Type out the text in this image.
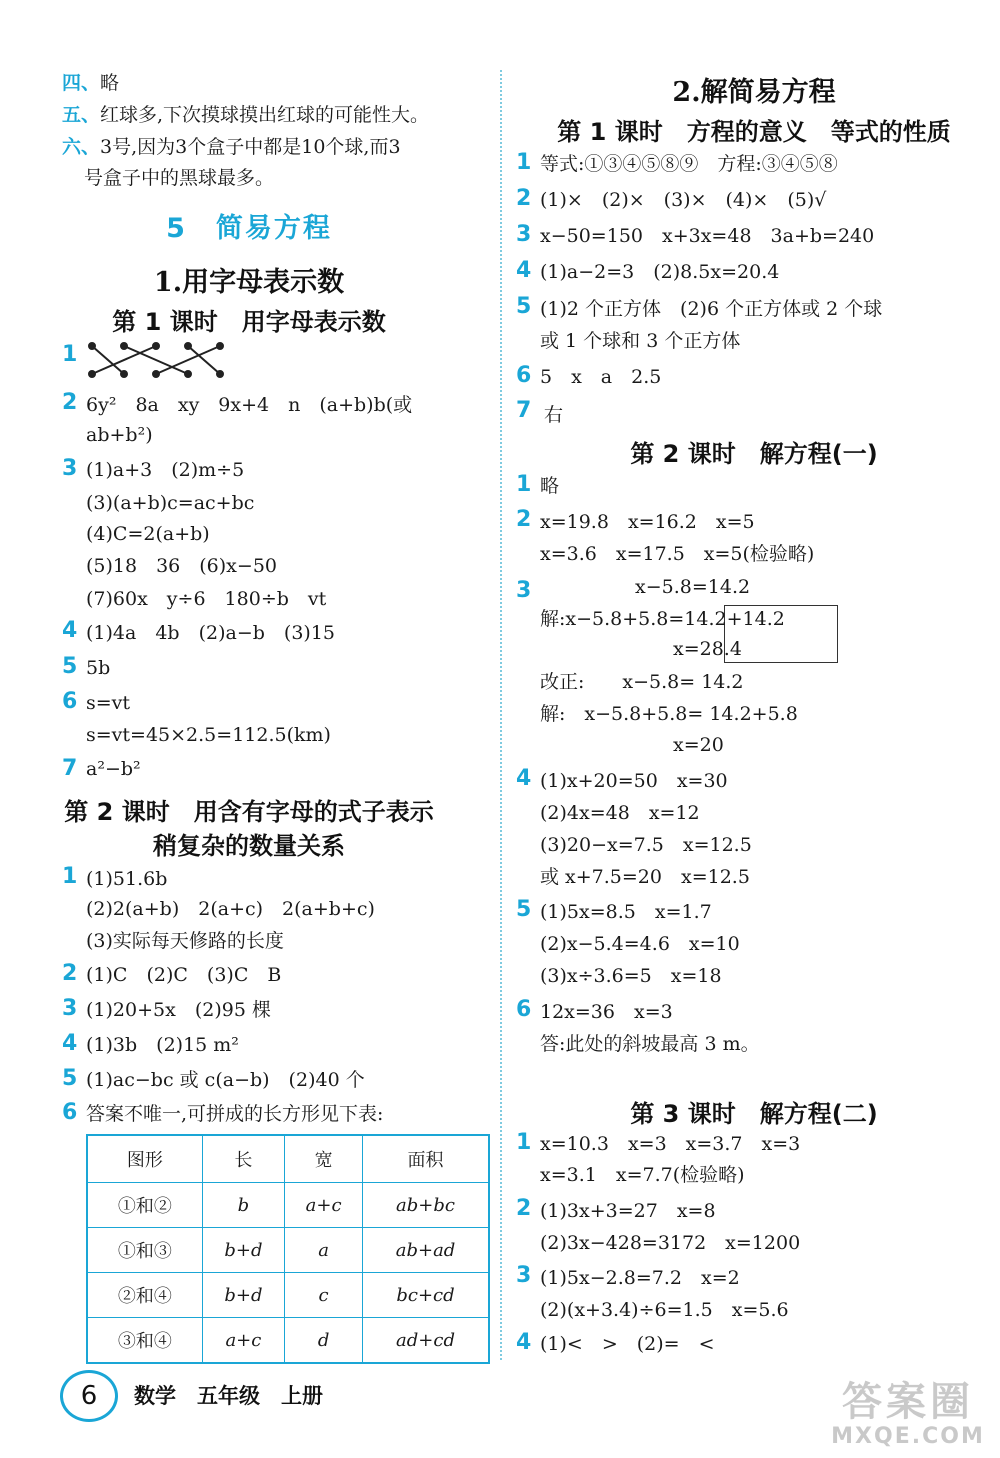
四、略
五、红球多,下次摸球摸出红球的可能性大。
六、3号,因为3个盒子中都是10个球,而3
号盒子中的黑球最多。
5　简易方程
1.用字母表示数
第 1 课时　用字母表示数
1
2 6y²　8a　xy　9x+4　n　(a+b)b(或
ab+b²)
3 (1)a+3　(2)m÷5
(3)(a+b)c=ac+bc
(4)C=2(a+b)
(5)18　36　(6)x−50
(7)60x　y÷6　180÷b　vt
4 (1)4a　4b　(2)a−b　(3)15
5 5b
6 s=vt
s=vt=45×2.5=112.5(km)
7 a²−b²
第 2 课时　用含有字母的式子表示
稍复杂的数量关系
1 (1)51.6b
(2)2(a+b)　2(a+c)　2(a+b+c)
(3)实际每天修路的长度
2 (1)C　(2)C　(3)C　B
3 (1)20+5x　(2)95 棵
4 (1)3b　(2)15 m²
5 (1)ac−bc 或 c(a−b)　(2)40 个
6 答案不唯一,可拼成的长方形见下表:
图形	长	宽	面积
①和②	b	a+c	ab+bc
①和③	b+d	a	ab+ad
②和④	b+d	c	bc+cd
③和④	a+c	d	ad+cd
2.解简易方程
第 1 课时　方程的意义　等式的性质
1 等式:①③④⑤⑧⑨　方程:③④⑤⑧
2 (1)×　(2)×　(3)×　(4)×　(5)√
3 x−50=150　x+3x=48　3a+b=240
4 (1)a−2=3　(2)8.5x=20.4
5 (1)2 个正方体　(2)6 个正方体或 2 个球
或 1 个球和 3 个正方体
6 5　x　a　2.5
7 右
第 2 课时　解方程(一)
1 略
2 x=19.8　x=16.2　x=5
x=3.6　x=17.5　x=5(检验略)
　　　　　x−5.8=14.2
3
解:x−5.8+5.8=14.2+14.2
　　　　　　　x=28.4
改正:　　x−5.8= 14.2
解:　x−5.8+5.8= 14.2+5.8
　　　　　　　x=20
4 (1)x+20=50　x=30
(2)4x=48　x=12
(3)20−x=7.5　x=12.5
或 x+7.5=20　x=12.5
5 (1)5x=8.5　x=1.7
(2)x−5.4=4.6　x=10
(3)x÷3.6=5　x=18
6 12x=36　x=3
答:此处的斜坡最高 3 m。
第 3 课时　解方程(二)
1 x=10.3　x=3　x=3.7　x=3
x=3.1　x=7.7(检验略)
2 (1)3x+3=27　x=8
(2)3x−428=3172　x=1200
3 (1)5x−2.8=7.2　x=2
(2)(x+3.4)÷6=1.5　x=5.6
4 (1)<　>　(2)=　<
6	数学　五年级　上册	答案圈
MXQE.COM
